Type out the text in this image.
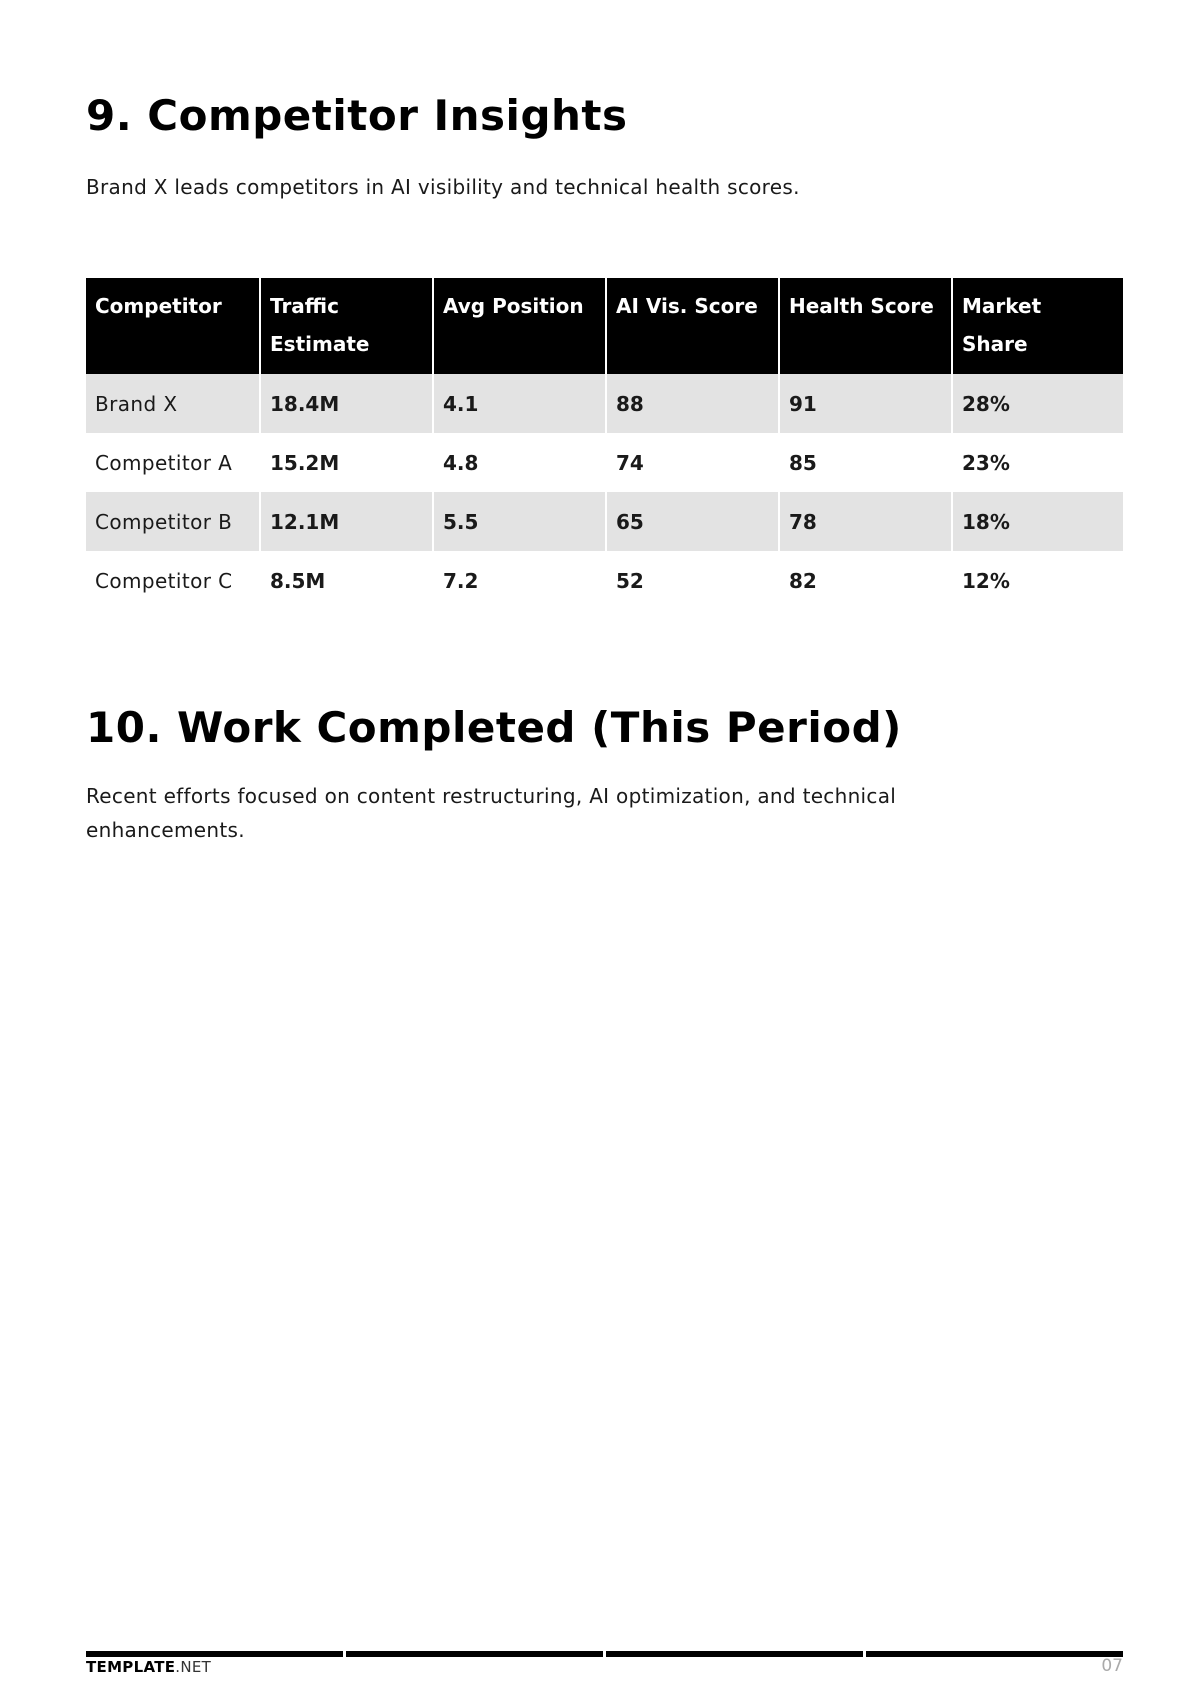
9. Competitor Insights

Brand X leads competitors in AI visibility and technical health scores.

Competitor	Traffic Estimate	Avg Position	AI Vis. Score	Health Score	Market Share
Brand X	18.4M	4.1	88	91	28%
Competitor A	15.2M	4.8	74	85	23%
Competitor B	12.1M	5.5	65	78	18%
Competitor C	8.5M	7.2	52	82	12%
10. Work Completed (This Period)

Recent efforts focused on content restructuring, AI optimization, and technical enhancements.

TEMPLATE.NET	07
